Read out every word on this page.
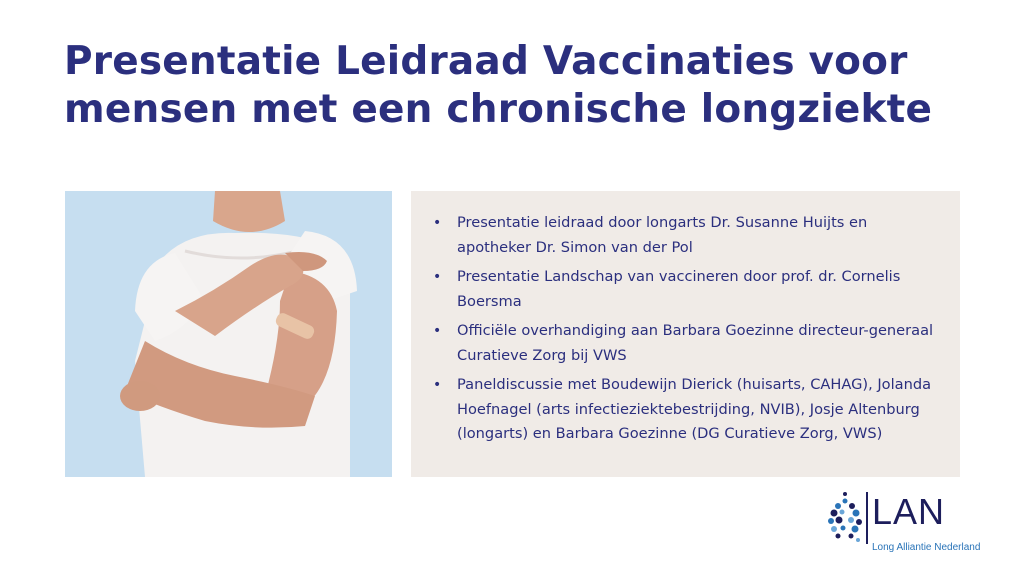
Presentatie Leidraad Vaccinaties voor
mensen met een chronische longziekte
• Presentatie leidraad door longarts Dr. Susanne Huijts en apotheker Dr. Simon van der Pol
• Presentatie Landschap van vaccineren door prof. dr. Cornelis Boersma
• Officiële overhandiging aan Barbara Goezinne directeur-generaal Curatieve Zorg bij VWS
• Paneldiscussie met Boudewijn Dierick (huisarts, CAHAG), Jolanda Hoefnagel (arts infectieziektebestrijding, NVIB), Josje Altenburg (longarts) en Barbara Goezinne (DG Curatieve Zorg, VWS)
LAN
Long Alliantie Nederland
